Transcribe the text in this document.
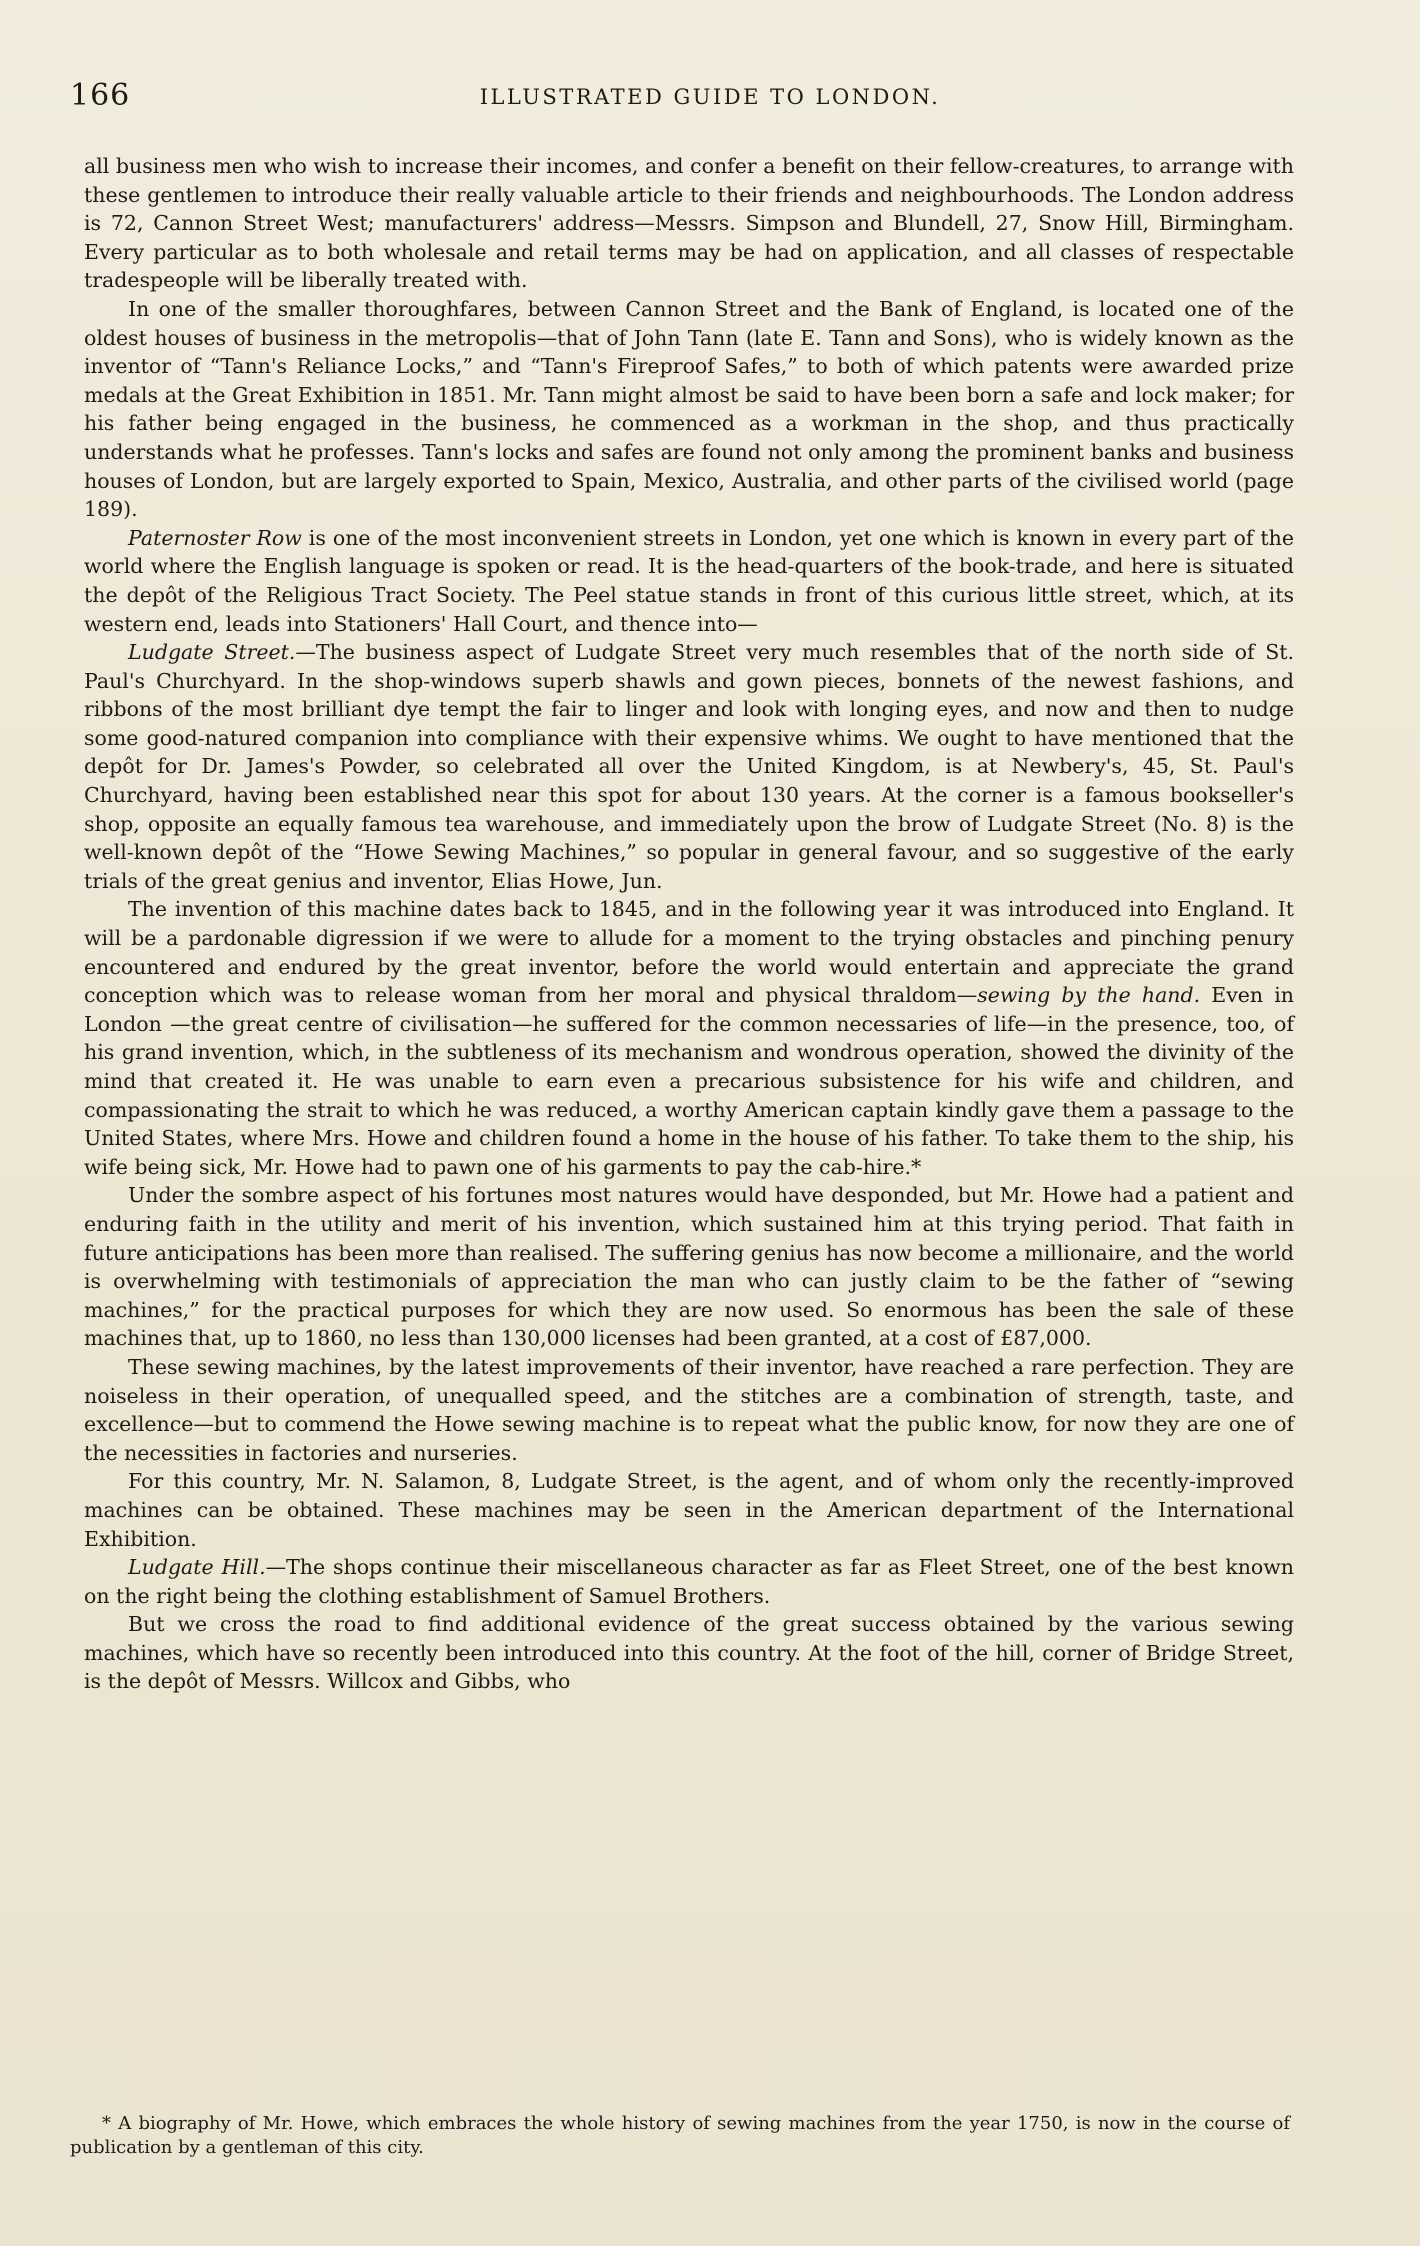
166	ILLUSTRATED GUIDE TO LONDON.

all business men who wish to increase their incomes, and confer a benefit on their fellow-creatures, to arrange with these gentlemen to introduce their really valuable article to their friends and neighbourhoods. The London address is 72, Cannon Street West; manufacturers' address—Messrs. Simpson and Blundell, 27, Snow Hill, Birmingham. Every particular as to both wholesale and retail terms may be had on application, and all classes of respectable tradespeople will be liberally treated with.

In one of the smaller thoroughfares, between Cannon Street and the Bank of England, is located one of the oldest houses of business in the metropolis—that of John Tann (late E. Tann and Sons), who is widely known as the inventor of “Tann's Reliance Locks,” and “Tann's Fireproof Safes,” to both of which patents were awarded prize medals at the Great Exhibition in 1851. Mr. Tann might almost be said to have been born a safe and lock maker; for his father being engaged in the business, he commenced as a workman in the shop, and thus practically understands what he professes. Tann's locks and safes are found not only among the prominent banks and business houses of London, but are largely exported to Spain, Mexico, Australia, and other parts of the civilised world (page 189).

Paternoster Row is one of the most inconvenient streets in London, yet one which is known in every part of the world where the English language is spoken or read. It is the head-quarters of the book-trade, and here is situated the depôt of the Religious Tract Society. The Peel statue stands in front of this curious little street, which, at its western end, leads into Stationers' Hall Court, and thence into—

Ludgate Street.—The business aspect of Ludgate Street very much resembles that of the north side of St. Paul's Churchyard. In the shop-windows superb shawls and gown pieces, bonnets of the newest fashions, and ribbons of the most brilliant dye tempt the fair to linger and look with longing eyes, and now and then to nudge some good-natured companion into compliance with their expensive whims. We ought to have mentioned that the depôt for Dr. James's Powder, so celebrated all over the United Kingdom, is at Newbery's, 45, St. Paul's Churchyard, having been established near this spot for about 130 years. At the corner is a famous bookseller's shop, opposite an equally famous tea warehouse, and immediately upon the brow of Ludgate Street (No. 8) is the well-known depôt of the “Howe Sewing Machines,” so popular in general favour, and so suggestive of the early trials of the great genius and inventor, Elias Howe, Jun.

The invention of this machine dates back to 1845, and in the following year it was introduced into England. It will be a pardonable digression if we were to allude for a moment to the trying obstacles and pinching penury encountered and endured by the great inventor, before the world would entertain and appreciate the grand conception which was to release woman from her moral and physical thraldom—sewing by the hand. Even in London —the great centre of civilisation—he suffered for the common necessaries of life—in the presence, too, of his grand invention, which, in the subtleness of its mechanism and wondrous operation, showed the divinity of the mind that created it. He was unable to earn even a precarious subsistence for his wife and children, and compassionating the strait to which he was reduced, a worthy American captain kindly gave them a passage to the United States, where Mrs. Howe and children found a home in the house of his father. To take them to the ship, his wife being sick, Mr. Howe had to pawn one of his garments to pay the cab-hire.*

Under the sombre aspect of his fortunes most natures would have desponded, but Mr. Howe had a patient and enduring faith in the utility and merit of his invention, which sustained him at this trying period. That faith in future anticipations has been more than realised. The suffering genius has now become a millionaire, and the world is overwhelming with testimonials of appreciation the man who can justly claim to be the father of “sewing machines,” for the practical purposes for which they are now used. So enormous has been the sale of these machines that, up to 1860, no less than 130,000 licenses had been granted, at a cost of £87,000.

These sewing machines, by the latest improvements of their inventor, have reached a rare perfection. They are noiseless in their operation, of unequalled speed, and the stitches are a combination of strength, taste, and excellence—but to commend the Howe sewing machine is to repeat what the public know, for now they are one of the necessities in factories and nurseries.

For this country, Mr. N. Salamon, 8, Ludgate Street, is the agent, and of whom only the recently-improved machines can be obtained. These machines may be seen in the American department of the International Exhibition.

Ludgate Hill.—The shops continue their miscellaneous character as far as Fleet Street, one of the best known on the right being the clothing establishment of Samuel Brothers.

But we cross the road to find additional evidence of the great success obtained by the various sewing machines, which have so recently been introduced into this country. At the foot of the hill, corner of Bridge Street, is the depôt of Messrs. Willcox and Gibbs, who

* A biography of Mr. Howe, which embraces the whole history of sewing machines from the year 1750, is now in the course of publication by a gentleman of this city.
